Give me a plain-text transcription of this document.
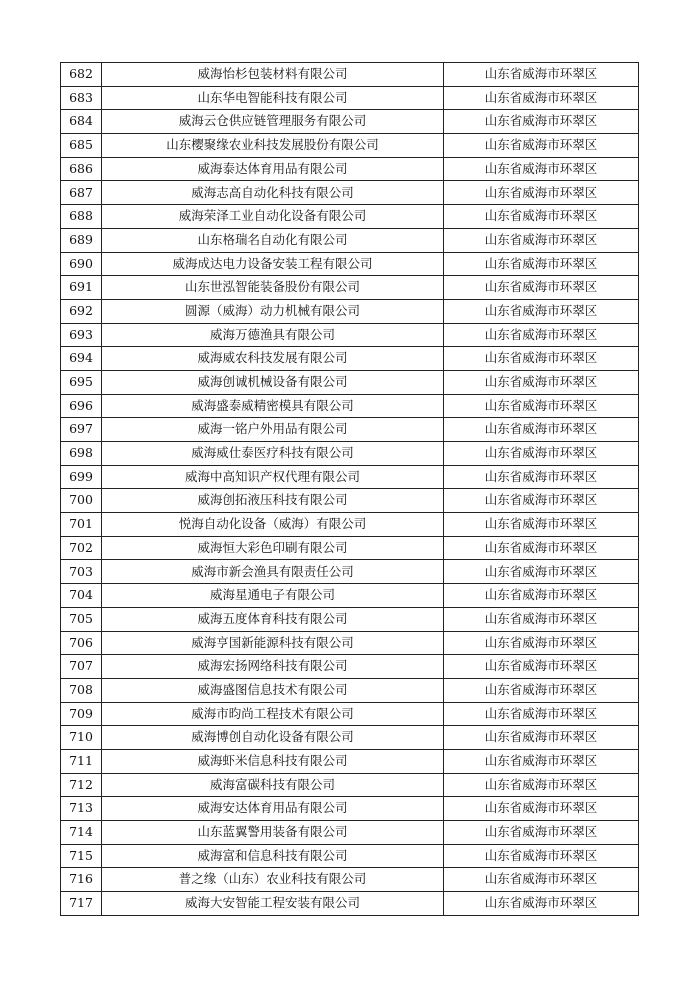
682	威海怡杉包装材料有限公司	山东省威海市环翠区
683	山东华电智能科技有限公司	山东省威海市环翠区
684	威海云仓供应链管理服务有限公司	山东省威海市环翠区
685	山东樱聚缘农业科技发展股份有限公司	山东省威海市环翠区
686	威海泰达体育用品有限公司	山东省威海市环翠区
687	威海志高自动化科技有限公司	山东省威海市环翠区
688	威海荣泽工业自动化设备有限公司	山东省威海市环翠区
689	山东格瑞名自动化有限公司	山东省威海市环翠区
690	威海成达电力设备安装工程有限公司	山东省威海市环翠区
691	山东世泓智能装备股份有限公司	山东省威海市环翠区
692	圆源（威海）动力机械有限公司	山东省威海市环翠区
693	威海万德渔具有限公司	山东省威海市环翠区
694	威海威农科技发展有限公司	山东省威海市环翠区
695	威海创诚机械设备有限公司	山东省威海市环翠区
696	威海盛泰威精密模具有限公司	山东省威海市环翠区
697	威海一铭户外用品有限公司	山东省威海市环翠区
698	威海威仕泰医疗科技有限公司	山东省威海市环翠区
699	威海中高知识产权代理有限公司	山东省威海市环翠区
700	威海创拓液压科技有限公司	山东省威海市环翠区
701	悦海自动化设备（威海）有限公司	山东省威海市环翠区
702	威海恒大彩色印刷有限公司	山东省威海市环翠区
703	威海市新会渔具有限责任公司	山东省威海市环翠区
704	威海星通电子有限公司	山东省威海市环翠区
705	威海五度体育科技有限公司	山东省威海市环翠区
706	威海亨国新能源科技有限公司	山东省威海市环翠区
707	威海宏扬网络科技有限公司	山东省威海市环翠区
708	威海盛图信息技术有限公司	山东省威海市环翠区
709	威海市昀尚工程技术有限公司	山东省威海市环翠区
710	威海博创自动化设备有限公司	山东省威海市环翠区
711	威海虾米信息科技有限公司	山东省威海市环翠区
712	威海富碳科技有限公司	山东省威海市环翠区
713	威海安达体育用品有限公司	山东省威海市环翠区
714	山东蓝翼警用装备有限公司	山东省威海市环翠区
715	威海富和信息科技有限公司	山东省威海市环翠区
716	普之缘（山东）农业科技有限公司	山东省威海市环翠区
717	威海大安智能工程安装有限公司	山东省威海市环翠区
